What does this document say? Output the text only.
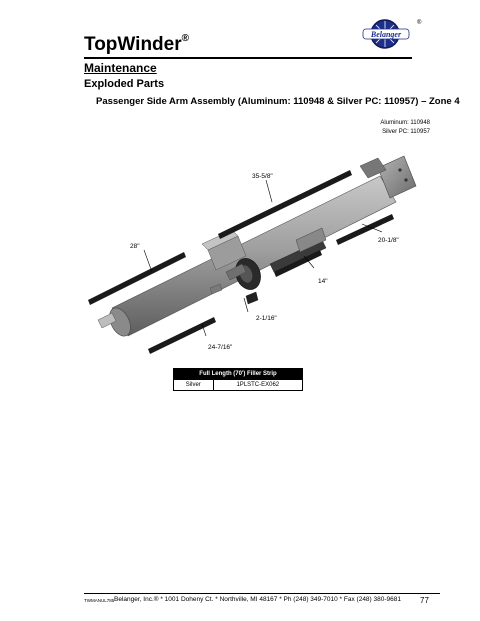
TopWinder®	Belanger
®
Maintenance
Exploded Parts
Passenger Side Arm Assembly (Aluminum: 110948 & Silver PC: 110957) – Zone 4
Aluminum: 110948
Silver PC: 110957
35-5/8"
28"
20-1/8"
14"
2-1/16"
24-7/16"
Full Length (70') Filler Strip
Silver	1PLSTC-EX062
TWMANUL785 Belanger, Inc.® * 1001 Doheny Ct. * Northville, MI 48167 * Ph (248) 349-7010 * Fax (248) 380-9681 77
